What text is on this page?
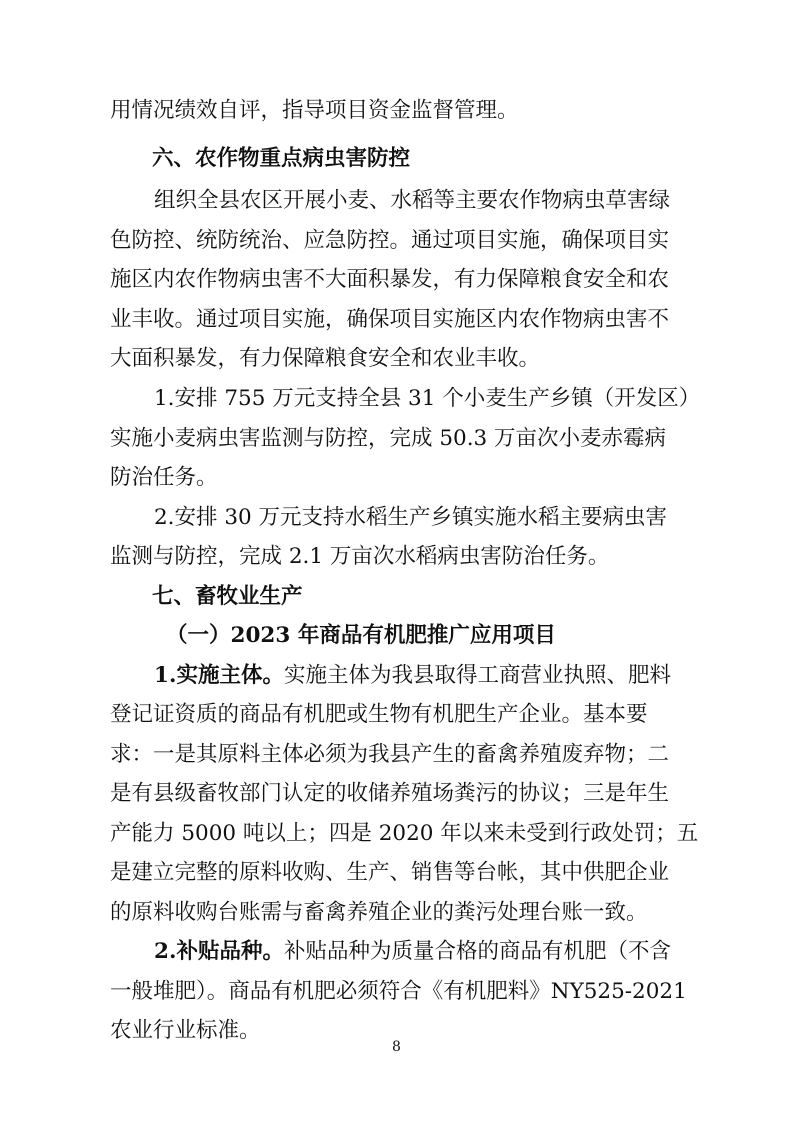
用情况绩效自评，指导项目资金监督管理。
六、农作物重点病虫害防控
组织全县农区开展小麦、水稻等主要农作物病虫草害绿
色防控、统防统治、应急防控。通过项目实施，确保项目实
施区内农作物病虫害不大面积暴发，有力保障粮食安全和农
业丰收。通过项目实施，确保项目实施区内农作物病虫害不
大面积暴发，有力保障粮食安全和农业丰收。
1.安排 755 万元支持全县 31 个小麦生产乡镇（开发区）
实施小麦病虫害监测与防控，完成 50.3 万亩次小麦赤霉病
防治任务。
2.安排 30 万元支持水稻生产乡镇实施水稻主要病虫害
监测与防控，完成 2.1 万亩次水稻病虫害防治任务。
七、畜牧业生产
（一）2023 年商品有机肥推广应用项目
1.实施主体。实施主体为我县取得工商营业执照、肥料
登记证资质的商品有机肥或生物有机肥生产企业。基本要
求：一是其原料主体必须为我县产生的畜禽养殖废弃物；二
是有县级畜牧部门认定的收储养殖场粪污的协议；三是年生
产能力 5000 吨以上；四是 2020 年以来未受到行政处罚；五
是建立完整的原料收购、生产、销售等台帐，其中供肥企业
的原料收购台账需与畜禽养殖企业的粪污处理台账一致。
2.补贴品种。补贴品种为质量合格的商品有机肥（不含
一般堆肥）。商品有机肥必须符合《有机肥料》NY525-2021
农业行业标准。
8
